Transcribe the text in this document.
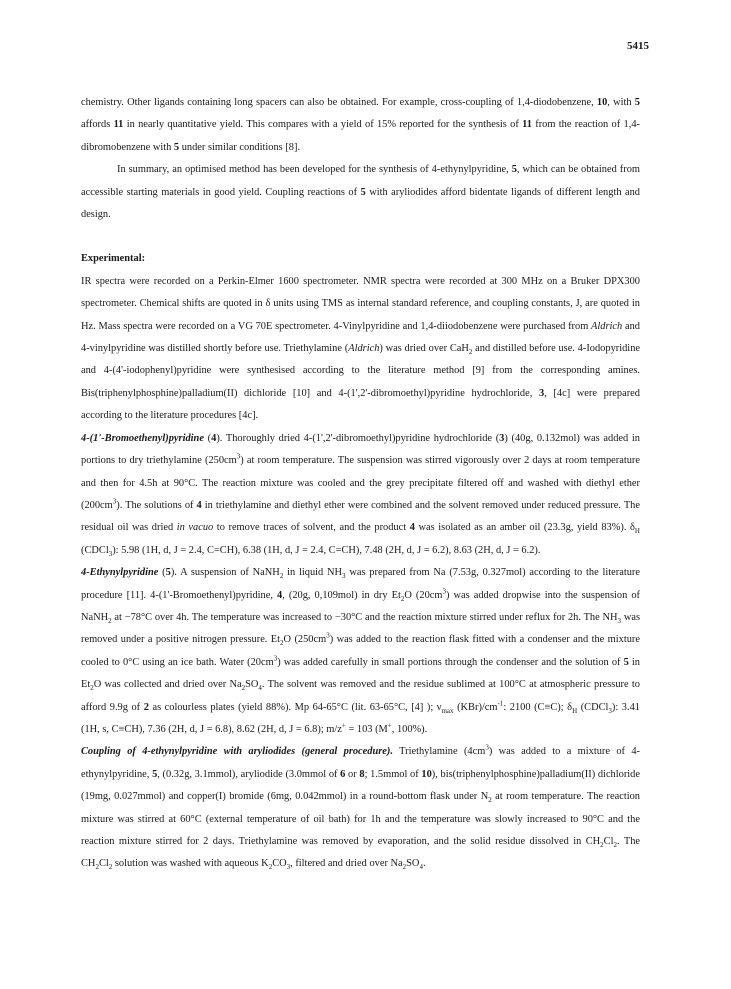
5415

chemistry. Other ligands containing long spacers can also be obtained. For example, cross-coupling of 1,4-diodobenzene, 10, with 5 affords 11 in nearly quantitative yield. This compares with a yield of 15% reported for the synthesis of 11 from the reaction of 1,4-dibromobenzene with 5 under similar conditions [8].

In summary, an optimised method has been developed for the synthesis of 4-ethynylpyridine, 5, which can be obtained from accessible starting materials in good yield. Coupling reactions of 5 with aryliodides afford bidentate ligands of different length and design.

Experimental:

IR spectra were recorded on a Perkin-Elmer 1600 spectrometer. NMR spectra were recorded at 300 MHz on a Bruker DPX300 spectrometer. Chemical shifts are quoted in δ units using TMS as internal standard reference, and coupling constants, J, are quoted in Hz. Mass spectra were recorded on a VG 70E spectrometer. 4-Vinylpyridine and 1,4-diiodobenzene were purchased from Aldrich and 4-vinylpyridine was distilled shortly before use. Triethylamine (Aldrich) was dried over CaH$_2$ and distilled before use. 4-Iodopyridine and 4-(4'-iodophenyl)pyridine were synthesised according to the literature method [9] from the corresponding amines. Bis(triphenylphosphine)palladium(II) dichloride [10] and 4-(1',2'-dibromoethyl)pyridine hydrochloride, 3, [4c] were prepared according to the literature procedures [4c].

4-(1'-Bromoethenyl)pyridine (4). Thoroughly dried 4-(1',2'-dibromoethyl)pyridine hydrochloride (3) (40g, 0.132mol) was added in portions to dry triethylamine $(250cm^3)$ at room temperature. The suspension was stirred vigorously over 2 days at room temperature and then for 4.5h at 90°C. The reaction mixture was cooled and the grey precipitate filtered off and washed with diethyl ether $(200cm^3)$. The solutions of 4 in triethylamine and diethyl ether were combined and the solvent removed under reduced pressure. The residual oil was dried in vacuo to remove traces of solvent, and the product 4 was isolated as an amber oil (23.3g, yield 83%). $\delta_H$ (CDCl$_3$): 5.98 (1H, d, J = 2.4, C=CH), 6.38 (1H, d, J = 2.4, C=CH), 7.48 (2H, d, J = 6.2), 8.63 (2H, d, J = 6.2).

4-Ethynylpyridine (5). A suspension of NaNH$_2$ in liquid $NH_3$ was prepared from Na (7.53g, 0.327mol) according to the literature procedure [11]. 4-(1'-Bromoethenyl)pyridine, 4, (20g, 0,109mol) in dry $Et_2O$ $(20cm^3)$ was added dropwise into the suspension of NaNH$_2$ at −78°C over 4h. The temperature was increased to −30°C and the reaction mixture stirred under reflux for 2h. The $NH_3$ was removed under a positive nitrogen pressure. $Et_2O$ $(250cm^3)$ was added to the reaction flask fitted with a condenser and the mixture cooled to 0°C using an ice bath. Water $(20cm^3)$ was added carefully in small portions through the condenser and the solution of 5 in $Et_2O$ was collected and dried over $Na_2SO_4$. The solvent was removed and the residue sublimed at 100°C at atmospheric pressure to afford 9.9g of 2 as colourless plates (yield 88%). Mp 64-65°C (lit. 63-65°C, [4] ); $\nu_{max}$ $(KBr)/cm^{-1}$: 2100 (C≡C); $\delta_H$ (CDCl$_3$): 3.41 (1H, s, C≡CH), 7.36 (2H, d, J = 6.8), 8.62 (2H, d, J = 6.8); m/z+ = 103 (M+, 100%).

Coupling of 4-ethynylpyridine with aryliodides (general procedure). Triethylamine $(4cm^3)$ was added to a mixture of 4-ethynylpyridine, 5, (0.32g, 3.1mmol), aryliodide (3.0mmol of 6 or 8; 1.5mmol of 10), bis(triphenylphosphine)palladium(II) dichloride (19mg, 0.027mmol) and copper(I) bromide (6mg, 0.042mmol) in a round-bottom flask under $N_2$ at room temperature. The reaction mixture was stirred at 60°C (external temperature of oil bath) for 1h and the temperature was slowly increased to 90°C and the reaction mixture stirred for 2 days. Triethylamine was removed by evaporation, and the solid residue dissolved in $CH_2Cl_2$. The $CH_2Cl_2$ solution was washed with aqueous $K_2CO_3$, filtered and dried over $Na_2SO_4$.
